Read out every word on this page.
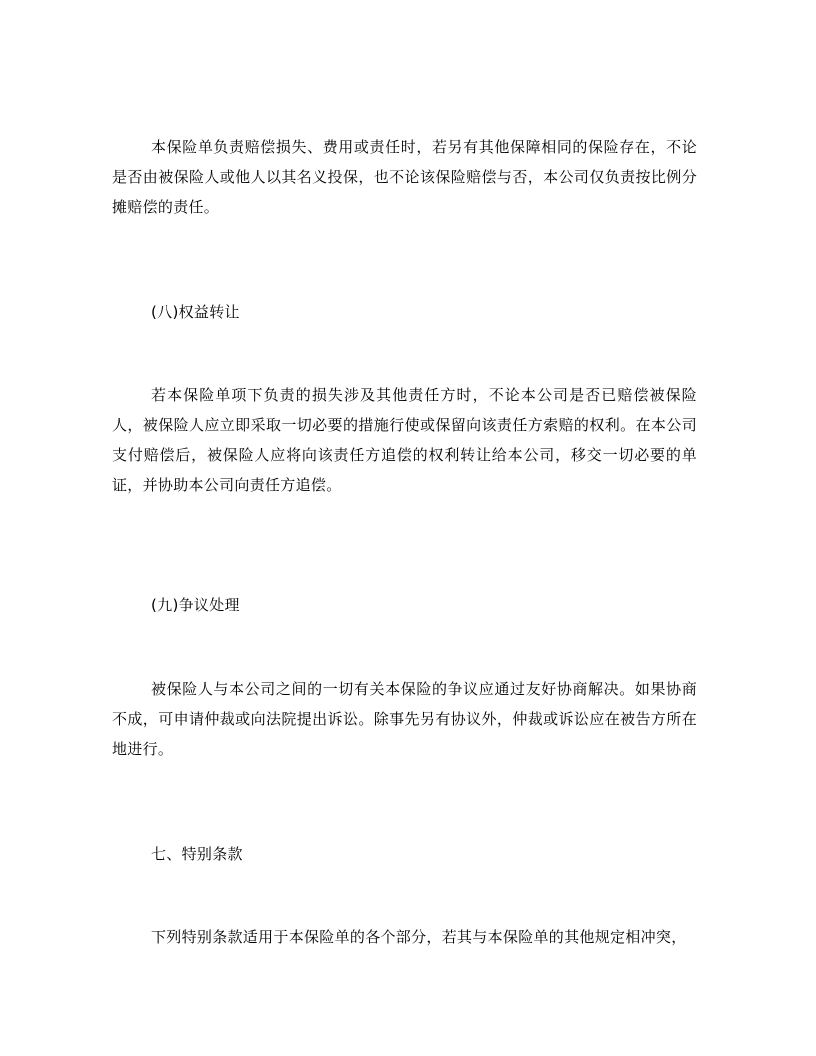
本保险单负责赔偿损失、费用或责任时，若另有其他保障相同的保险存在，不论是否由被保险人或他人以其名义投保，也不论该保险赔偿与否，本公司仅负责按比例分摊赔偿的责任。

(八)权益转让

若本保险单项下负责的损失涉及其他责任方时，不论本公司是否已赔偿被保险人，被保险人应立即采取一切必要的措施行使或保留向该责任方索赔的权利。在本公司支付赔偿后，被保险人应将向该责任方追偿的权利转让给本公司，移交一切必要的单证，并协助本公司向责任方追偿。

(九)争议处理

被保险人与本公司之间的一切有关本保险的争议应通过友好协商解决。如果协商不成，可申请仲裁或向法院提出诉讼。除事先另有协议外，仲裁或诉讼应在被告方所在地进行。

七、特别条款

下列特别条款适用于本保险单的各个部分，若其与本保险单的其他规定相冲突，
